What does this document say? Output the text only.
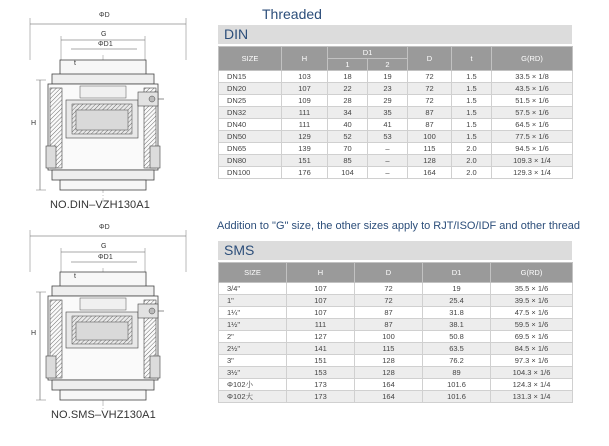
ΦD
G
ΦD1
t
H
NO.DIN–VZH130A1
ΦD
G
ΦD1
t
H
NO.SMS–VHZ130A1
Threaded
DIN
SIZE	H	D1		D	t	G(RD)
		1	2			
DN15	103	18	19	72	1.5	33.5 × 1/8
DN20	107	22	23	72	1.5	43.5 × 1/6
DN25	109	28	29	72	1.5	51.5 × 1/6
DN32	111	34	35	87	1.5	57.5 × 1/6
DN40	111	40	41	87	1.5	64.5 × 1/6
DN50	129	52	53	100	1.5	77.5 × 1/6
DN65	139	70	–	115	2.0	94.5 × 1/6
DN80	151	85	–	128	2.0	109.3 × 1/4
DN100	176	104	–	164	2.0	129.3 × 1/4
Addition to "G" size, the other sizes apply to RJT/ISO/IDF and other thread
SMS
SIZE	H	D	D1	G(RD)
3/4"	107	72	19	35.5 × 1/6
1"	107	72	25.4	39.5 × 1/6
1¼"	107	87	31.8	47.5 × 1/6
1½"	111	87	38.1	59.5 × 1/6
2"	127	100	50.8	69.5 × 1/6
2½"	141	115	63.5	84.5 × 1/6
3"	151	128	76.2	97.3 × 1/6
3½"	153	128	89	104.3 × 1/6
Φ102小	173	164	101.6	124.3 × 1/4
Φ102大	173	164	101.6	131.3 × 1/4
